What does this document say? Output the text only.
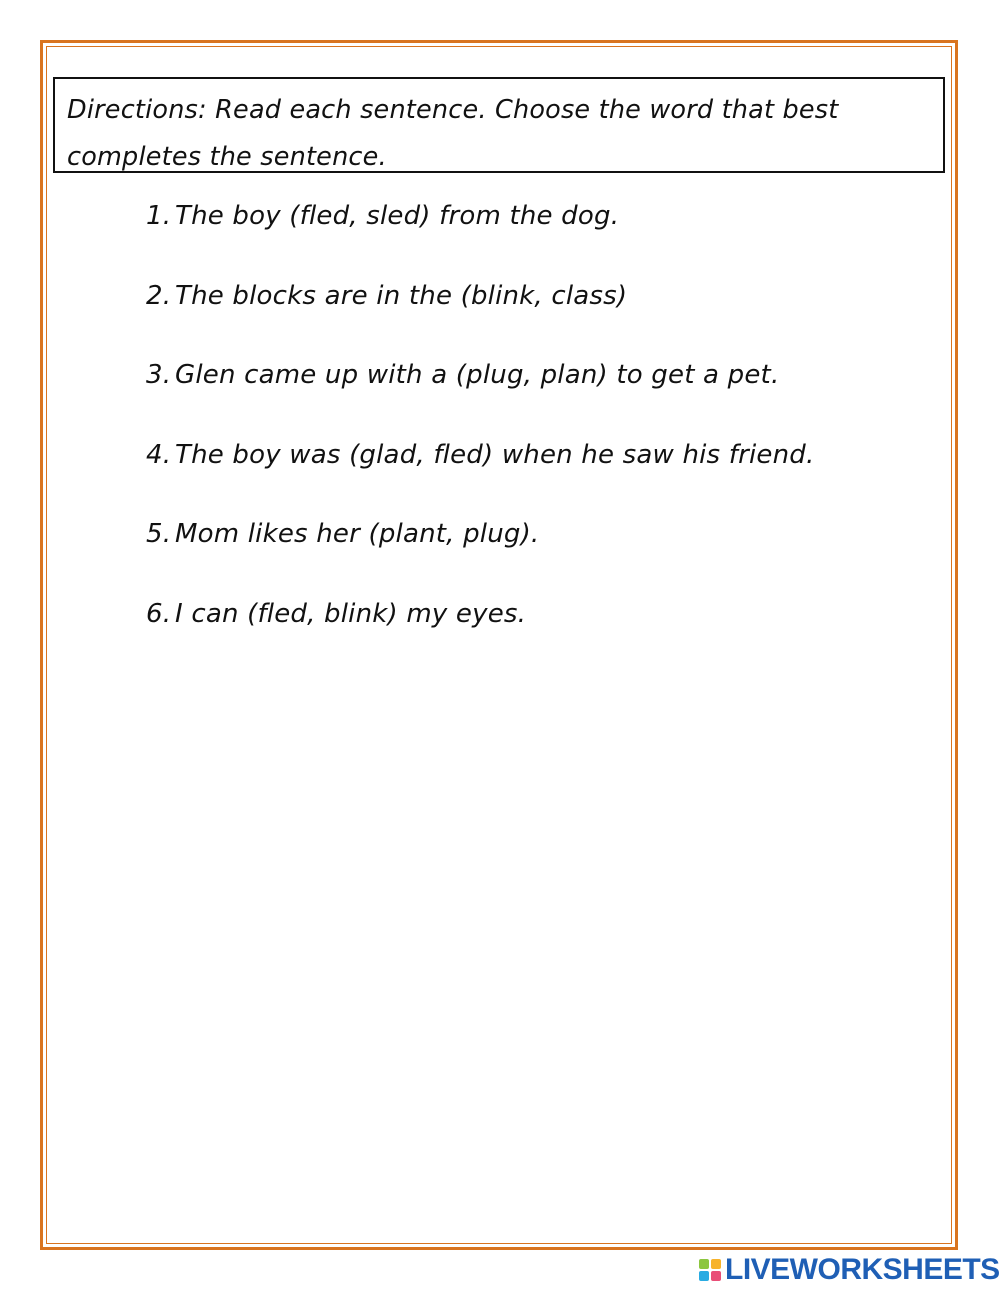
Directions: Read each sentence. Choose the word that best
completes the sentence.
1. The boy (fled, sled) from the dog.
2. The blocks are in the (blink, class)
3. Glen came up with a (plug, plan) to get a pet.
4. The boy was (glad, fled) when he saw his friend.
5. Mom likes her (plant, plug).
6. I can (fled, blink) my eyes.
LIVEWORKSHEETS
